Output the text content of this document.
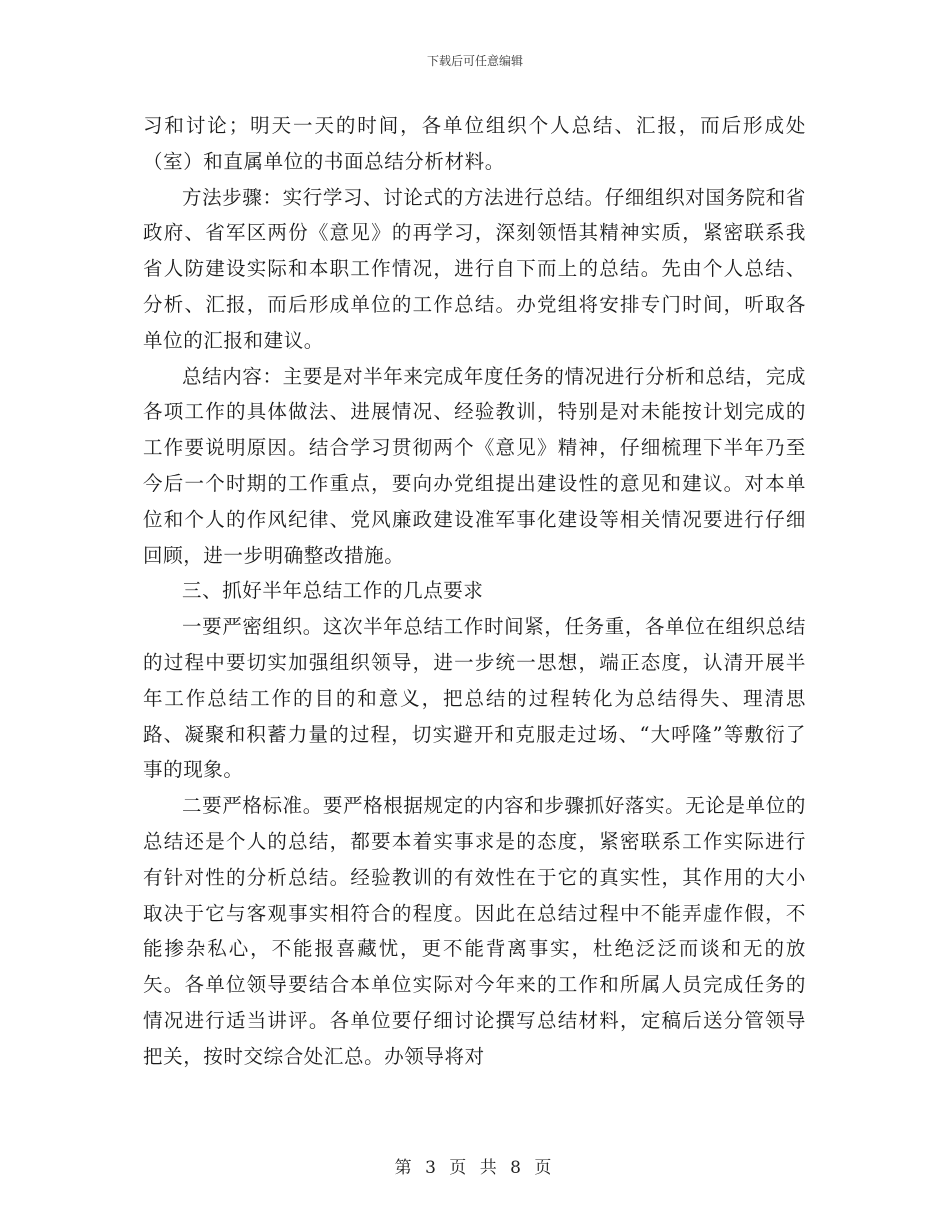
下载后可任意编辑

习和讨论；明天一天的时间，各单位组织个人总结、汇报，而后形成处（室）和直属单位的书面总结分析材料。

方法步骤：实行学习、讨论式的方法进行总结。仔细组织对国务院和省政府、省军区两份《意见》的再学习，深刻领悟其精神实质，紧密联系我省人防建设实际和本职工作情况，进行自下而上的总结。先由个人总结、分析、汇报，而后形成单位的工作总结。办党组将安排专门时间，听取各单位的汇报和建议。

总结内容：主要是对半年来完成年度任务的情况进行分析和总结，完成各项工作的具体做法、进展情况、经验教训，特别是对未能按计划完成的工作要说明原因。结合学习贯彻两个《意见》精神，仔细梳理下半年乃至今后一个时期的工作重点，要向办党组提出建设性的意见和建议。对本单位和个人的作风纪律、党风廉政建设准军事化建设等相关情况要进行仔细回顾，进一步明确整改措施。

三、抓好半年总结工作的几点要求

一要严密组织。这次半年总结工作时间紧，任务重，各单位在组织总结的过程中要切实加强组织领导，进一步统一思想，端正态度，认清开展半年工作总结工作的目的和意义，把总结的过程转化为总结得失、理清思路、凝聚和积蓄力量的过程，切实避开和克服走过场、“大呼隆”等敷衍了事的现象。

二要严格标准。要严格根据规定的内容和步骤抓好落实。无论是单位的总结还是个人的总结，都要本着实事求是的态度，紧密联系工作实际进行有针对性的分析总结。经验教训的有效性在于它的真实性，其作用的大小取决于它与客观事实相符合的程度。因此在总结过程中不能弄虚作假，不能掺杂私心，不能报喜藏忧，更不能背离事实，杜绝泛泛而谈和无的放矢。各单位领导要结合本单位实际对今年来的工作和所属人员完成任务的情况进行适当讲评。各单位要仔细讨论撰写总结材料，定稿后送分管领导把关，按时交综合处汇总。办领导将对

第 3 页 共 8 页
